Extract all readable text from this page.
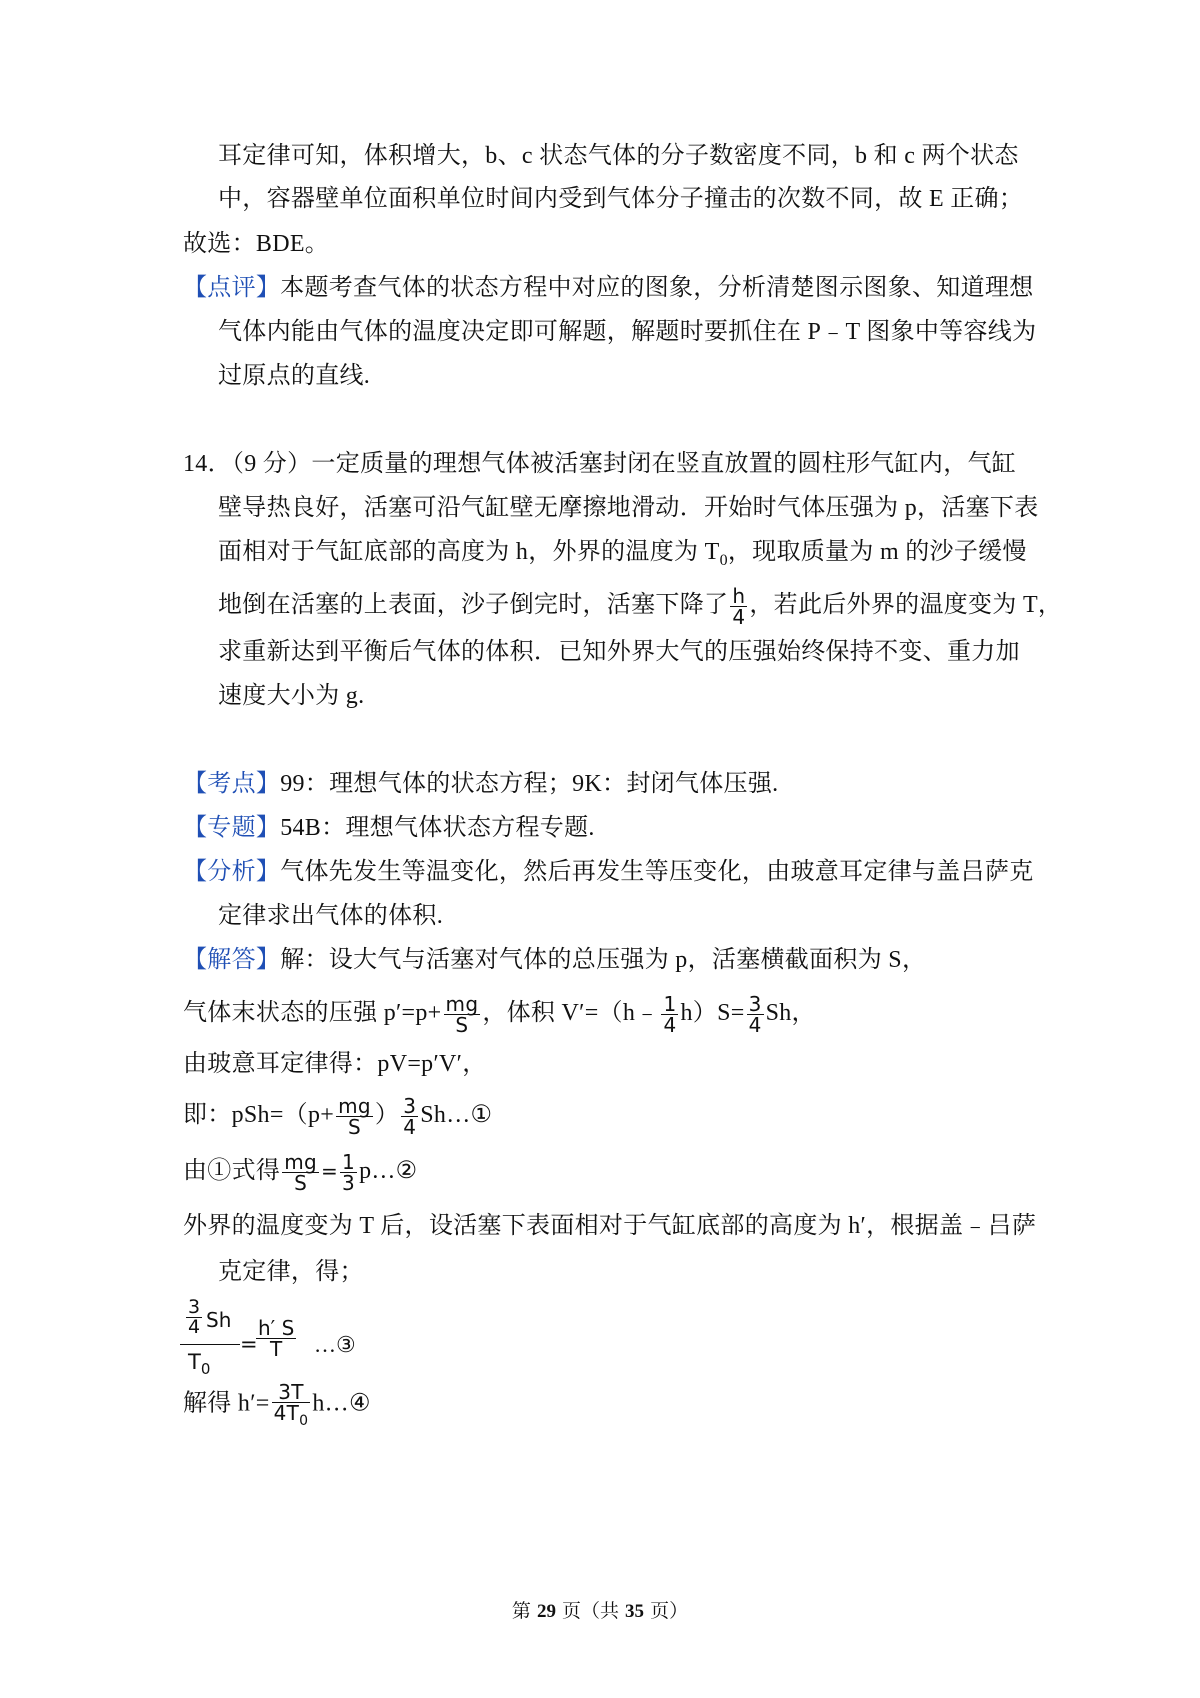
耳定律可知，体积增大，b、c 状态气体的分子数密度不同，b 和 c 两个状态
中，容器壁单位面积单位时间内受到气体分子撞击的次数不同，故 E 正确；
故选：BDE。
【点评】本题考查气体的状态方程中对应的图象，分析清楚图示图象、知道理想
气体内能由气体的温度决定即可解题，解题时要抓住在 P﹣T 图象中等容线为
过原点的直线.
14．（9 分）一定质量的理想气体被活塞封闭在竖直放置的圆柱形气缸内，气缸
壁导热良好，活塞可沿气缸壁无摩擦地滑动．开始时气体压强为 p，活塞下表
面相对于气缸底部的高度为 h，外界的温度为 $T_0$，现取质量为 m 的沙子缓慢
地倒在活塞的上表面，沙子倒完时，活塞下降了 $\frac{h}{4}$ ，若此后外界的温度变为 T，
求重新达到平衡后气体的体积．已知外界大气的压强始终保持不变、重力加
速度大小为 g.
【考点】99：理想气体的状态方程；9K：封闭气体压强.
【专题】54B：理想气体状态方程专题.
【分析】气体先发生等温变化，然后再发生等压变化，由玻意耳定律与盖吕萨克
定律求出气体的体积.
【解答】解：设大气与活塞对气体的总压强为 p，活塞横截面积为 S，
气体末状态的压强 $p'=p+ \frac{mg}{S}$ ，体积 V′=（h﹣ $\frac{1}{4} h)S= \frac{3}{4}$ Sh，
由玻意耳定律得：pV=p′V′，
即：$pSh=(p+ \frac{mg}{S}$ ） $\frac{3}{4}$ Sh…①
由①式得 $\frac{mg}{S} = \frac{1}{3}$ p…②
外界的温度变为 T 后，设活塞下表面相对于气缸底部的高度为 h′，根据盖﹣吕萨
克定律，得；
$\frac{3}{4}$ Sh
$T_0$
=
$\frac{h' S}{T}$ …③
解得 $h'= \frac{3T}{4T_0}$ h…④
第 29 页（共 35 页）
